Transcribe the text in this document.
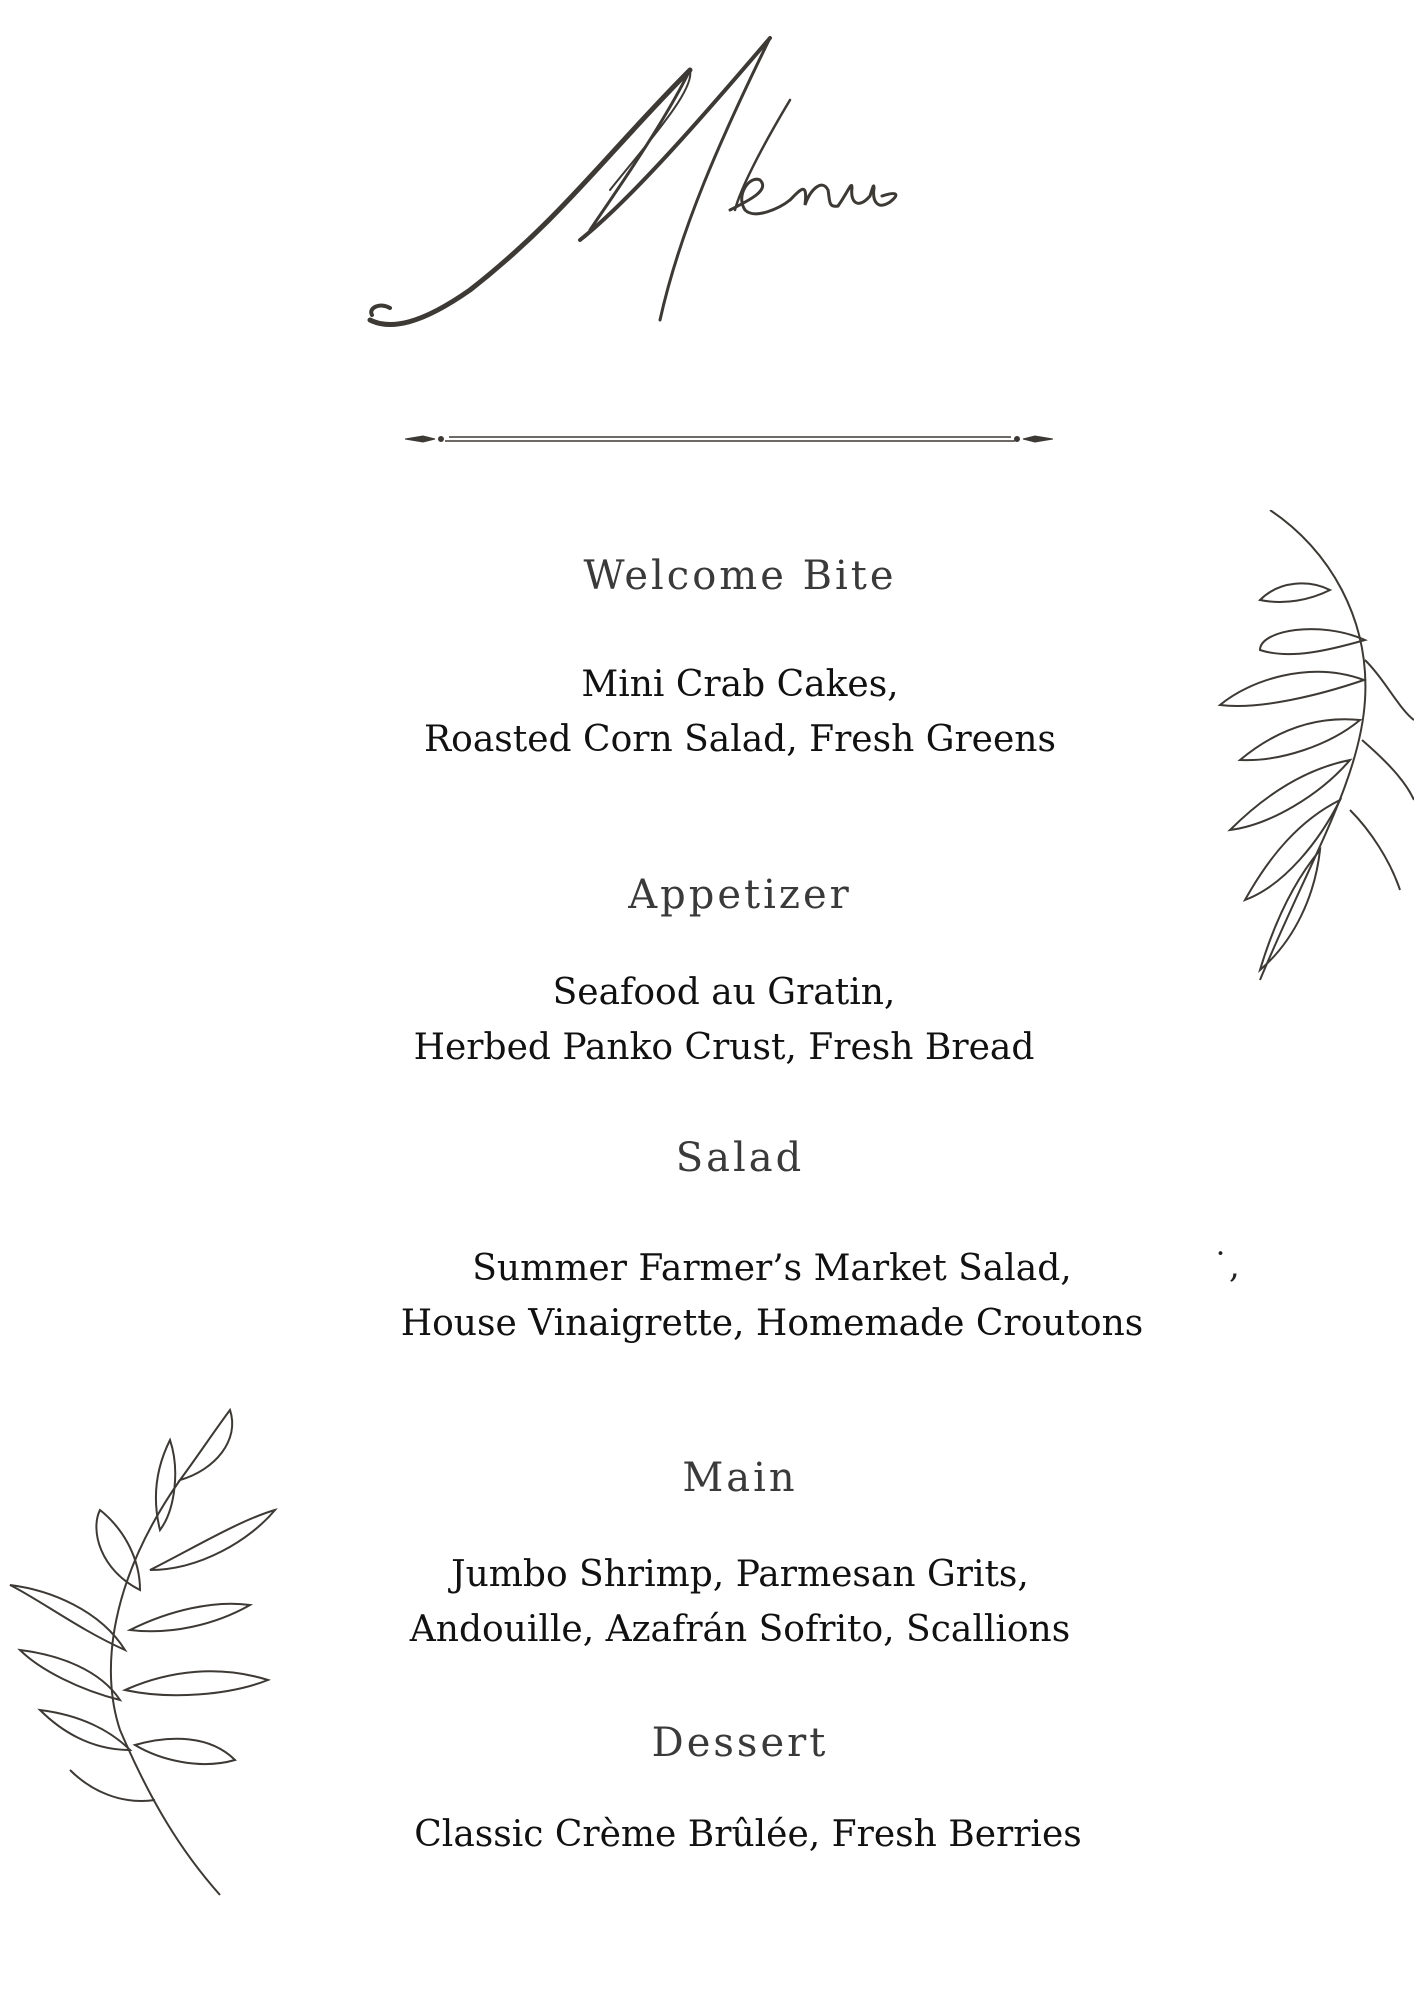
Welcome Bite

Mini Crab Cakes,
Roasted Corn Salad, Fresh Greens

Appetizer

Seafood au Gratin,
Herbed Panko Crust, Fresh Bread

Salad

Summer Farmer’s Market Salad,
House Vinaigrette, Homemade Croutons

˙,
Main

Jumbo Shrimp, Parmesan Grits,
Andouille, Azafrán Sofrito, Scallions

Dessert

Classic Crème Brûlée, Fresh Berries
